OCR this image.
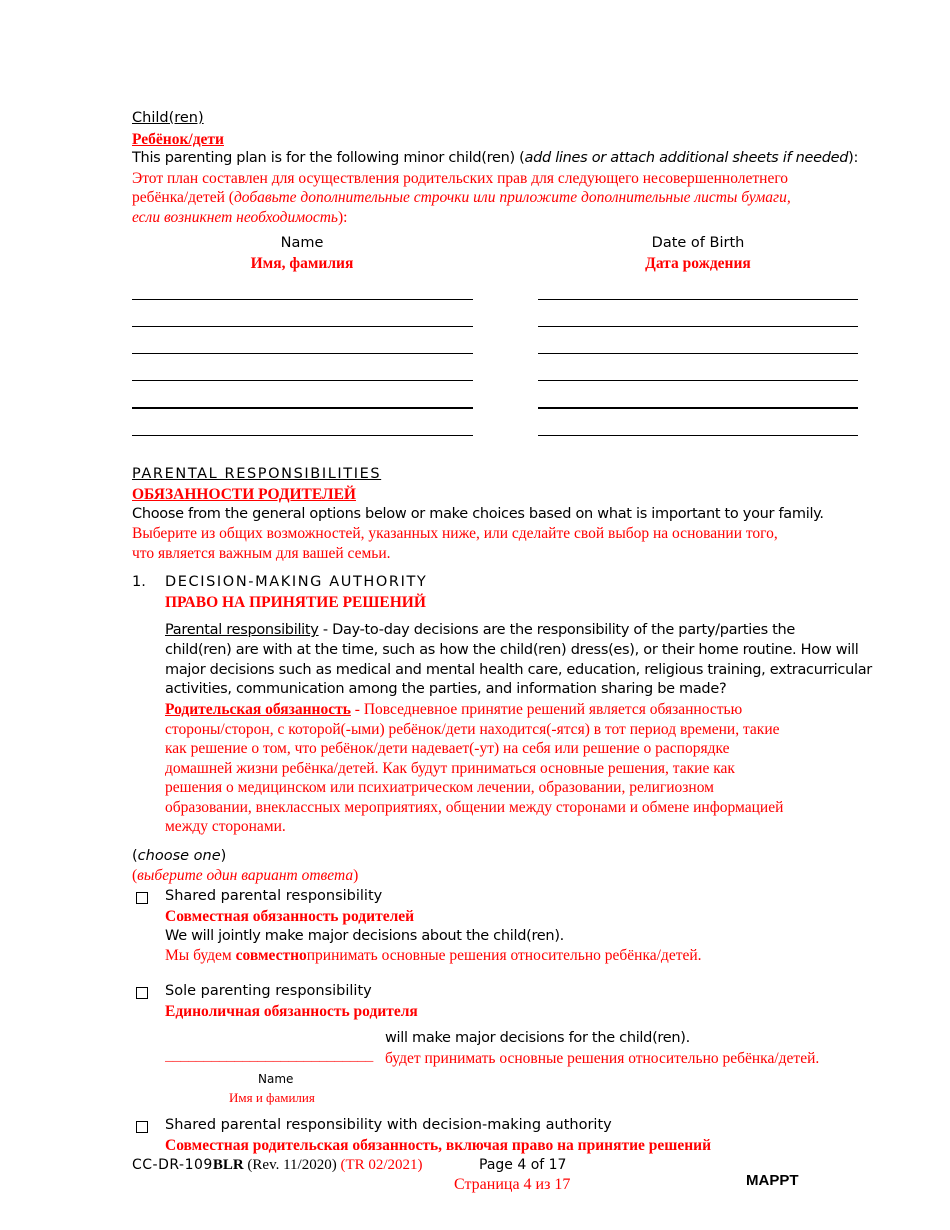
Child(ren)
Ребёнок/дети
This parenting plan is for the following minor child(ren) (add lines or attach additional sheets if needed):
Этот план составлен для осуществления родительских прав для следующего несовершеннолетнего
ребёнка/детей (добавьте дополнительные строчки или приложите дополнительные листы бумаги,
если возникнет необходимость):
Name
Имя, фамилия
Date of Birth
Дата рождения
PARENTAL RESPONSIBILITIES
ОБЯЗАННОСТИ РОДИТЕЛЕЙ
Choose from the general options below or make choices based on what is important to your family.
Выберите из общих возможностей, указанных ниже, или сделайте свой выбор на основании того,
что является важным для вашей семьи.
1. DECISION-MAKING AUTHORITY
ПРАВО НА ПРИНЯТИЕ РЕШЕНИЙ
Parental responsibility - Day-to-day decisions are the responsibility of the party/parties the
child(ren) are with at the time, such as how the child(ren) dress(es), or their home routine. How will
major decisions such as medical and mental health care, education, religious training, extracurricular
activities, communication among the parties, and information sharing be made?
Родительская обязанность - Повседневное принятие решений является обязанностью
стороны/сторон, с которой(-ыми) ребёнок/дети находится(-ятся) в тот период времени, такие
как решение о том, что ребёнок/дети надевает(-ут) на себя или решение о распорядке
домашней жизни ребёнка/детей. Как будут приниматься основные решения, такие как
решения о медицинском или психиатрическом лечении, образовании, религиозном
образовании, внеклассных мероприятиях, общении между сторонами и обмене информацией
между сторонами.
(choose one)
(выберите один вариант ответа)
Shared parental responsibility
Совместная обязанность родителей
We will jointly make major decisions about the child(ren).
Мы будем совместнопринимать основные решения относительно ребёнка/детей.
Sole parenting responsibility
Единоличная обязанность родителя
will make major decisions for the child(ren).
___________________________ будет принимать основные решения относительно ребёнка/детей.
Name
Имя и фамилия
Shared parental responsibility with decision-making authority
Совместная родительская обязанность, включая право на принятие решений
CC-DR-109BLR (Rev. 11/2020) (TR 02/2021)	Page 4 of 17
Страница 4 из 17	MAPPT
